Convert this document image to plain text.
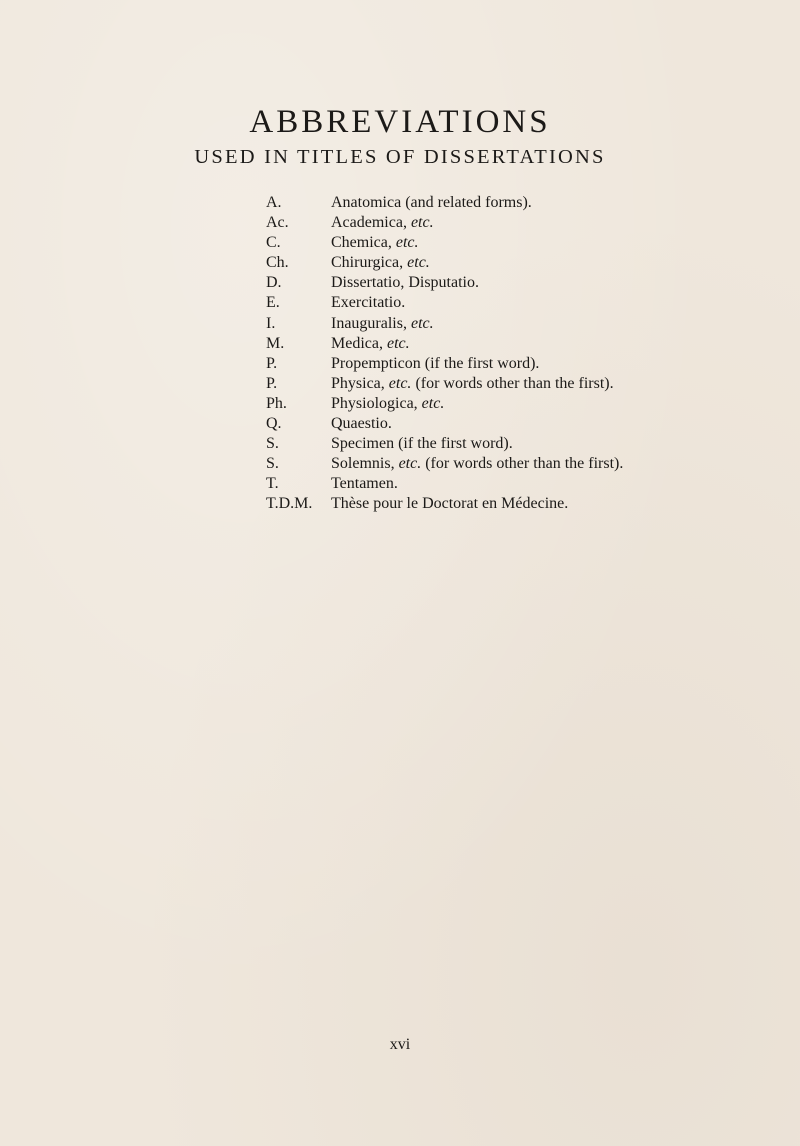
ABBREVIATIONS
USED IN TITLES OF DISSERTATIONS
A.	Anatomica (and related forms).
Ac.	Academica, etc.
C.	Chemica, etc.
Ch.	Chirurgica, etc.
D.	Dissertatio, Disputatio.
E.	Exercitatio.
I.	Inauguralis, etc.
M.	Medica, etc.
P.	Propempticon (if the first word).
P.	Physica, etc. (for words other than the first).
Ph.	Physiologica, etc.
Q.	Quaestio.
S.	Specimen (if the first word).
S.	Solemnis, etc. (for words other than the first).
T.	Tentamen.
T.D.M.	Thèse pour le Doctorat en Médecine.
xvi
